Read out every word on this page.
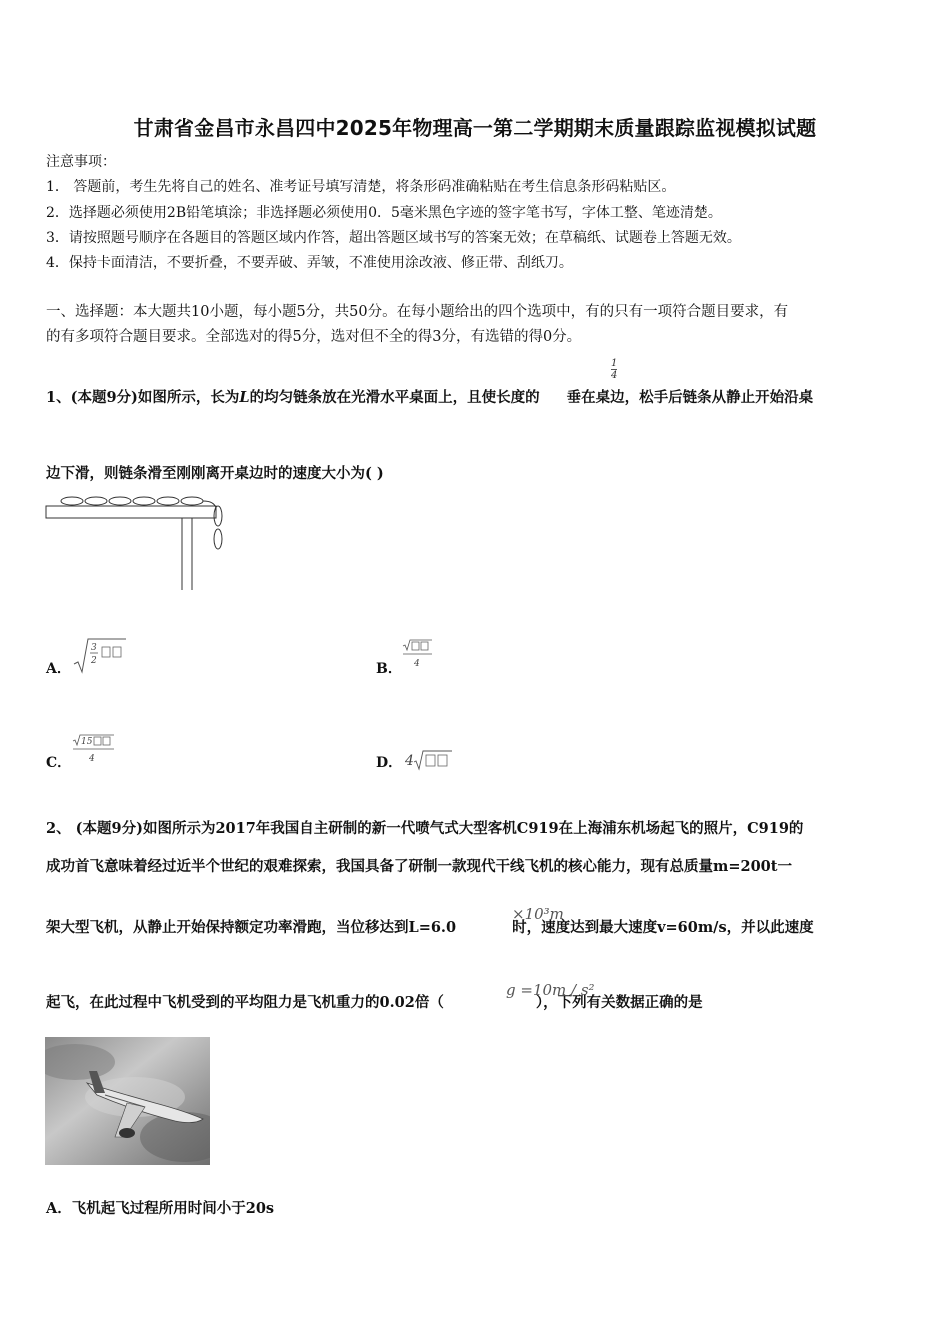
甘肃省金昌市永昌四中2025年物理高一第二学期期末质量跟踪监视模拟试题
注意事项：
1． 答题前，考生先将自己的姓名、准考证号填写清楚，将条形码准确粘贴在考生信息条形码粘贴区。
2．选择题必须使用2B铅笔填涂；非选择题必须使用0．5毫米黑色字迹的签字笔书写，字体工整、笔迹清楚。
3．请按照题号顺序在各题目的答题区域内作答，超出答题区域书写的答案无效；在草稿纸、试题卷上答题无效。
4．保持卡面清洁，不要折叠，不要弄破、弄皱，不准使用涂改液、修正带、刮纸刀。
一、选择题：本大题共10小题，每小题5分，共50分。在每小题给出的四个选项中，有的只有一项符合题目要求，有
的有多项符合题目要求。全部选对的得5分，选对但不全的得3分，有选错的得0分。
1、(本题9分)如图所示，长为L的均匀链条放在光滑水平桌面上，且使长度的 垂在桌边，松手后链条从静止开始沿桌
1
4
边下滑，则链条滑至刚刚离开桌边时的速度大小为( )
A．
3
2	B． 4
C．
15
4	D． 4
2、 (本题9分)如图所示为2017年我国自主研制的新一代喷气式大型客机C919在上海浦东机场起飞的照片，C919的
成功首飞意味着经过近半个世纪的艰难探索，我国具备了研制一款现代干线飞机的核心能力，现有总质量m=200t一
架大型飞机，从静止开始保持额定功率滑跑，当位移达到L=6.0	时，速度达到最大速度v=60m/s，并以此速度
×10³m
起飞，在此过程中飞机受到的平均阻力是飞机重力的0.02倍（	），下列有关数据正确的是
g =10m / s²
A．飞机起飞过程所用时间小于20s
